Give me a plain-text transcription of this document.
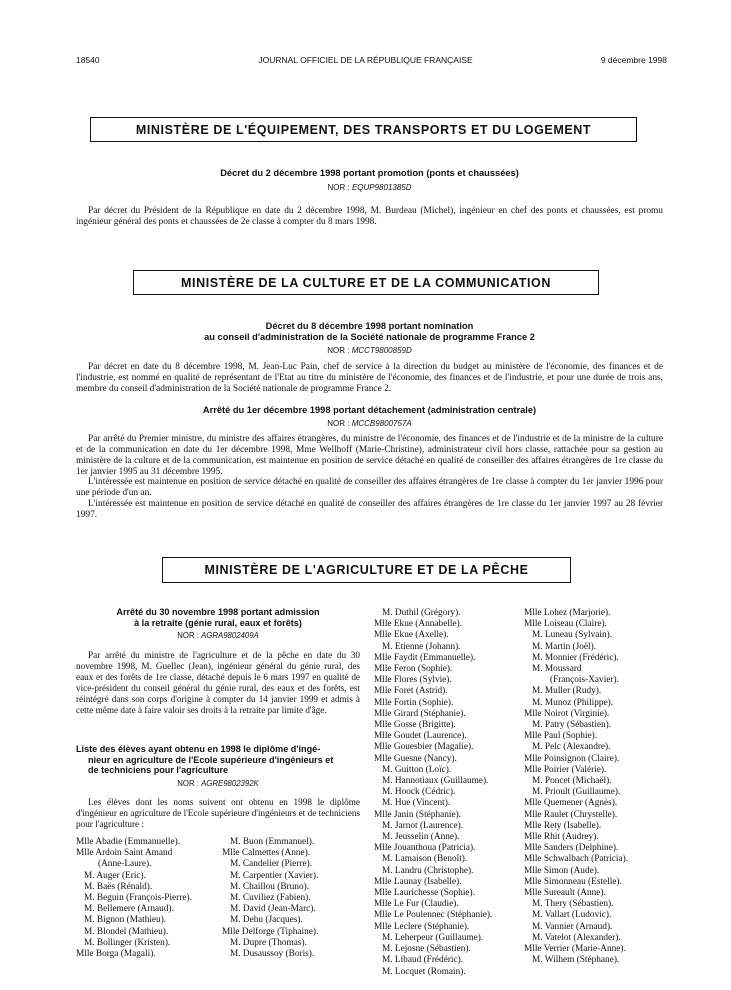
18540	JOURNAL OFFICIEL DE LA RÉPUBLIQUE FRANÇAISE	9 décembre 1998
MINISTÈRE DE L'ÉQUIPEMENT, DES TRANSPORTS ET DU LOGEMENT
Décret du 2 décembre 1998 portant promotion (ponts et chaussées)
NOR : EQUP9801385D

Par décret du Président de la République en date du 2 décembre 1998, M. Burdeau (Michel), ingénieur en chef des ponts et chaussées, est promu ingénieur général des ponts et chaussées de 2e classe à compter du 8 mars 1998.

MINISTÈRE DE LA CULTURE ET DE LA COMMUNICATION
Décret du 8 décembre 1998 portant nomination
au conseil d'administration de la Société nationale de programme France 2
NOR : MCCT9800859D

Par décret en date du 8 décembre 1998, M. Jean-Luc Pain, chef de service à la direction du budget au ministère de l'économie, des finances et de l'industrie, est nommé en qualité de représentant de l'Etat au titre du ministère de l'économie, des finances et de l'industrie, et pour une durée de trois ans, membre du conseil d'administration de la Société nationale de programme France 2.

Arrêté du 1er décembre 1998 portant détachement (administration centrale)
NOR : MCCB9800757A

Par arrêté du Premier ministre, du ministre des affaires étrangères, du ministre de l'économie, des finances et de l'industrie et de la ministre de la culture et de la communication en date du 1er décembre 1998, Mme Wellhoff (Marie-Christine), administrateur civil hors classe, rattachée pour sa gestion au ministère de la culture et de la communication, est maintenue en position de service détaché en qualité de conseiller des affaires étrangères de 1re classe du 1er janvier 1995 au 31 décembre 1995.

L'intéressée est maintenue en position de service détaché en qualité de conseiller des affaires étrangères de 1re classe à compter du 1er janvier 1996 pour une période d'un an.

L'intéressée est maintenue en position de service détaché en qualité de conseiller des affaires étrangères de 1re classe du 1er janvier 1997 au 28 février 1997.

MINISTÈRE DE L'AGRICULTURE ET DE LA PÊCHE
Arrêté du 30 novembre 1998 portant admission
à la retraite (génie rural, eaux et forêts)
NOR : AGRA9802409A

Par arrêté du ministre de l'agriculture et de la pêche en date du 30 novembre 1998, M. Guellec (Jean), ingénieur général du génie rural, des eaux et des forêts de 1re classe, détaché depuis le 6 mars 1997 en qualité de vice-président du conseil général du génie rural, des eaux et des forêts, est réintégré dans son corps d'origine à compter du 14 janvier 1999 et admis à cette même date à faire valoir ses droits à la retraite par limite d'âge.

Liste des élèves ayant obtenu en 1998 le diplôme d'ingé-
nieur en agriculture de l'Ecole supérieure d'ingénieurs et
de techniciens pour l'agriculture
NOR : AGRE9802392K

Les élèves dont les noms suivent ont obtenu en 1998 le diplôme d'ingénieur en agriculture de l'Ecole supérieure d'ingénieurs et de techniciens pour l'agriculture :

Mlle Abadie (Emmanuelle).
Mlle Ardoin Saint Amand
(Anne-Laure).
M. Auger (Eric).
M. Baës (Rénald).
M. Beguin (François-Pierre).
M. Bellemere (Arnaud).
M. Bignon (Mathieu).
M. Blondel (Mathieu).
M. Bollinger (Kristen).
Mlle Borga (Magali).
M. Buon (Emmanuel).
Mlle Calmettes (Anne).
M. Candelier (Pierre).
M. Carpentier (Xavier).
M. Chaillou (Bruno).
M. Cuviliez (Fabien).
M. David (Jean-Marc).
M. Dehu (Jacques).
Mlle Delforge (Tiphaine).
M. Dupre (Thomas).
M. Dusaussoy (Boris).
M. Duthil (Grégory).
Mlle Ekue (Annabelle).
Mlle Ekue (Axelle).
M. Etienne (Johann).
Mlle Faydit (Emmanuelle).
Mlle Feron (Sophie).
Mlle Flores (Sylvie).
Mlle Foret (Astrid).
Mlle Fortin (Sophie).
Mlle Girard (Stéphanie).
Mlle Gosse (Brigitte).
Mlle Goudet (Laurence).
Mlle Gouesbier (Magalie).
Mlle Guesne (Nancy).
M. Guitton (Loïc).
M. Hannotiaux (Guillaume).
M. Hoock (Cédric).
M. Hue (Vincent).
Mlle Janin (Stéphanie).
M. Jarnot (Laurence).
M. Jeusselin (Anne).
Mlle Jouanthoua (Patricia).
M. Lamaison (Benoît).
M. Landru (Christophe).
Mlle Launay (Isabelle).
Mlle Laurichesse (Sophie).
Mlle Le Fur (Claudie).
Mlle Le Poulennec (Stéphanie).
Mlle Leclere (Stéphanie).
M. Leherpeur (Guillaume).
M. Lejosne (Sébastien).
M. Libaud (Frédéric).
M. Locquet (Romain).
Mlle Lohez (Marjorie).
Mlle Loiseau (Claire).
M. Luneau (Sylvain).
M. Martin (Joël).
M. Monnier (Frédéric).
M. Moussard
(François-Xavier).
M. Muller (Rudy).
M. Munoz (Philippe).
Mlle Noirot (Virginie).
M. Patry (Sébastien).
Mlle Paul (Sophie).
M. Pelc (Alexandre).
Mlle Poinsignon (Claire).
Mlle Poirier (Valérie).
M. Poncet (Michaël).
M. Prioult (Guillaume).
Mlle Quemener (Agnès).
Mlle Raulet (Chrystelle).
Mlle Rety (Isabelle).
Mlle Rhit (Audrey).
Mlle Sanders (Delphine).
Mlle Schwalbach (Patricia).
Mlle Simon (Aude).
Mlle Simonneau (Estelle).
Mlle Sureault (Anne).
M. Thery (Sébastien).
M. Vallart (Ludovic).
M. Vannier (Arnaud).
M. Vatelot (Alexander).
Mlle Verrier (Marie-Anne).
M. Wilhem (Stéphane).
